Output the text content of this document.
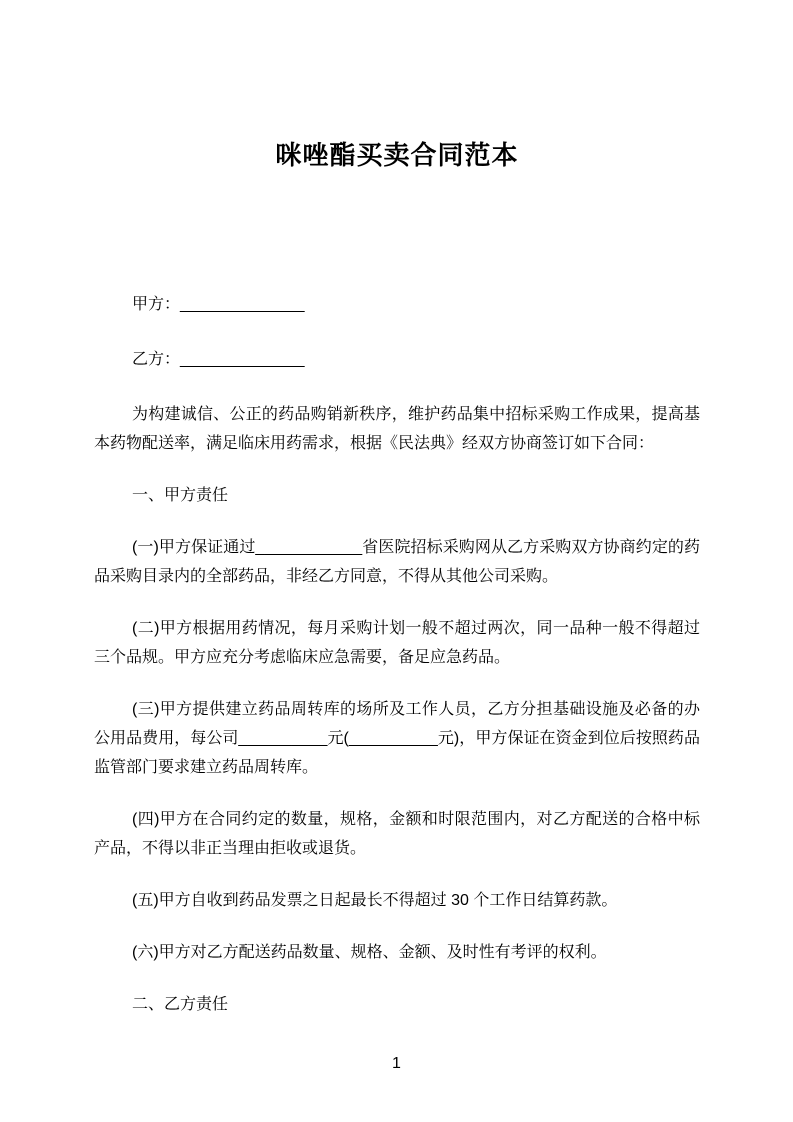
咪唑酯买卖合同范本

甲方：______________

乙方：______________

为构建诚信、公正的药品购销新秩序，维护药品集中招标采购工作成果，提高基本药物配送率，满足临床用药需求，根据《民法典》经双方协商签订如下合同：

一、甲方责任

(一)甲方保证通过____________省医院招标采购网从乙方采购双方协商约定的药品采购目录内的全部药品，非经乙方同意，不得从其他公司采购。

(二)甲方根据用药情况，每月采购计划一般不超过两次，同一品种一般不得超过三个品规。甲方应充分考虑临床应急需要，备足应急药品。

(三)甲方提供建立药品周转库的场所及工作人员，乙方分担基础设施及必备的办公用品费用，每公司__________元(__________元)，甲方保证在资金到位后按照药品监管部门要求建立药品周转库。

(四)甲方在合同约定的数量，规格，金额和时限范围内，对乙方配送的合格中标产品，不得以非正当理由拒收或退货。

(五)甲方自收到药品发票之日起最长不得超过 30 个工作日结算药款。

(六)甲方对乙方配送药品数量、规格、金额、及时性有考评的权利。

二、乙方责任

1
